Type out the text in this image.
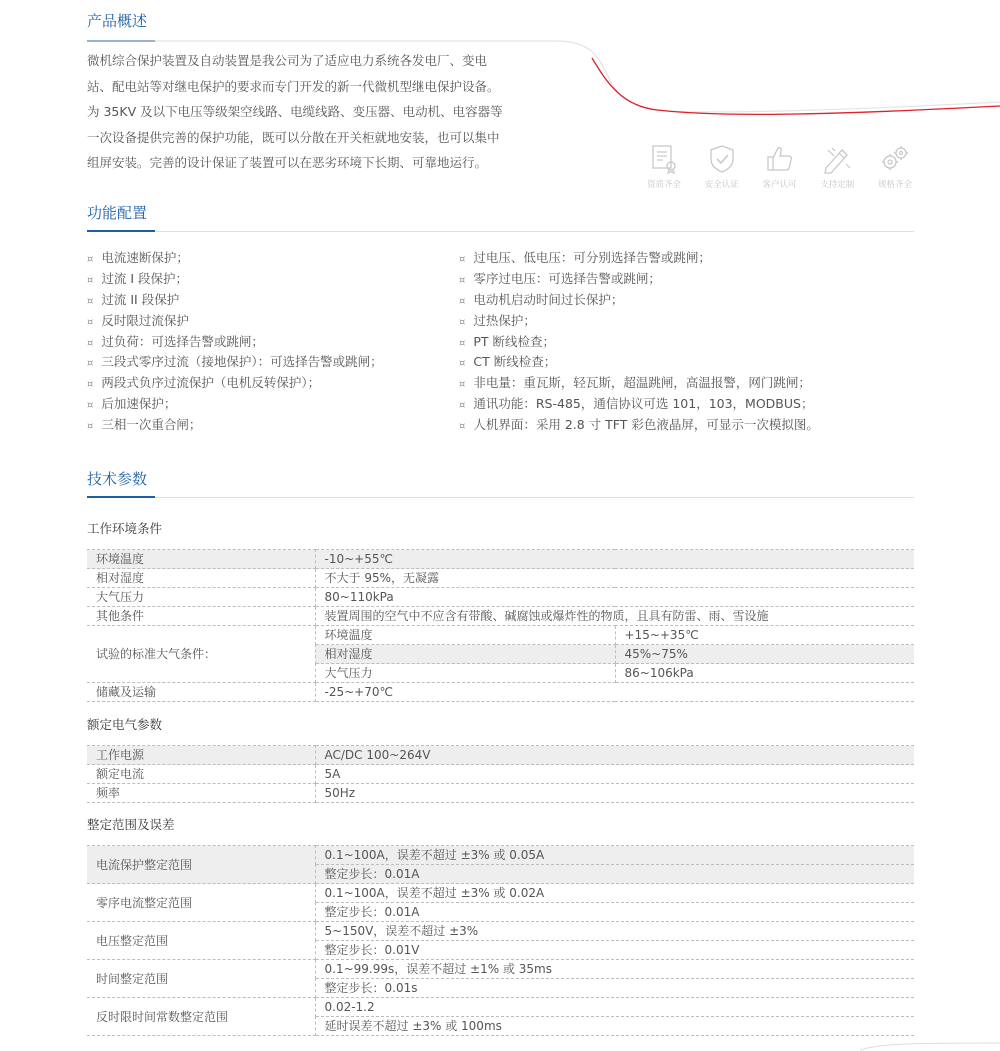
产品概述

微机综合保护装置及自动装置是我公司为了适应电力系统各发电厂、变电

站、配电站等对继电保护的要求而专门开发的新一代微机型继电保护设备。

为 35KV 及以下电压等级架空线路、电缆线路、变压器、电动机、电容器等

一次设备提供完善的保护功能，既可以分散在开关柜就地安装，也可以集中

组屏安装。完善的设计保证了装置可以在恶劣环境下长期、可靠地运行。

资质齐全	安全认证	客户认可	支持定制	规格齐全
功能配置
¤ 电流速断保护；
¤ 过流 I 段保护；
¤ 过流 II 段保护
¤ 反时限过流保护
¤ 过负荷：可选择告警或跳闸；
¤ 三段式零序过流（接地保护）：可选择告警或跳闸；
¤ 两段式负序过流保护（电机反转保护）；
¤ 后加速保护；
¤ 三相一次重合闸；
¤ 过电压、低电压：可分别选择告警或跳闸；
¤ 零序过电压：可选择告警或跳闸；
¤ 电动机启动时间过长保护；
¤ 过热保护；
¤ PT 断线检查；
¤ CT 断线检查；
¤ 非电量：重瓦斯，轻瓦斯，超温跳闸，高温报警，网门跳闸；
¤ 通讯功能：RS-485，通信协议可选 101，103，MODBUS；
¤ 人机界面：采用 2.8 寸 TFT 彩色液晶屏，可显示一次模拟图。
技术参数
工作环境条件
环境温度	-10~+55℃	
相对湿度	不大于 95%，无凝露	
大气压力	80~110kPa	
其他条件	装置周围的空气中不应含有带酸、碱腐蚀或爆炸性的物质，且具有防雷、雨、雪设施	
试验的标准大气条件：	环境温度	+15~+35℃
	相对湿度	45%~75%
	大气压力	86~106kPa
储藏及运输	-25~+70℃	
额定电气参数
工作电源	AC/DC 100~264V
额定电流	5A
频率	50Hz
整定范围及误差
电流保护整定范围	0.1~100A，误差不超过 ±3% 或 0.05A
	整定步长：0.01A
零序电流整定范围	0.1~100A，误差不超过 ±3% 或 0.02A
	整定步长：0.01A
电压整定范围	5~150V，误差不超过 ±3%
	整定步长：0.01V
时间整定范围	0.1~99.99s，误差不超过 ±1% 或 35ms
	整定步长：0.01s
反时限时间常数整定范围	0.02-1.2
	延时误差不超过 ±3% 或 100ms
